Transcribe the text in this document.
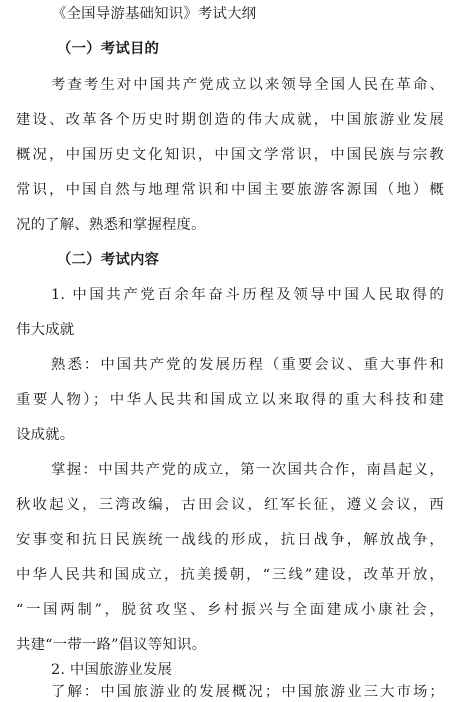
《全国导游基础知识》考试大纲
（一）考试目的
考查考生对中国共产党成立以来领导全国人民在革命、
建设、改革各个历史时期创造的伟大成就，中国旅游业发展
概况，中国历史文化知识，中国文学常识，中国民族与宗教
常识，中国自然与地理常识和中国主要旅游客源国（地）概
况的了解、熟悉和掌握程度。
（二）考试内容
1. 中国共产党百余年奋斗历程及领导中国人民取得的
伟大成就
熟悉：中国共产党的发展历程（重要会议、重大事件和
重要人物）；中华人民共和国成立以来取得的重大科技和建
设成就。
掌握：中国共产党的成立，第一次国共合作，南昌起义，
秋收起义，三湾改编，古田会议，红军长征，遵义会议，西
安事变和抗日民族统一战线的形成，抗日战争，解放战争，
中华人民共和国成立，抗美援朝，“三线”建设，改革开放，
“一国两制”，脱贫攻坚、乡村振兴与全面建成小康社会，
共建“一带一路”倡议等知识。
2. 中国旅游业发展
了解：中国旅游业的发展概况；中国旅游业三大市场；
